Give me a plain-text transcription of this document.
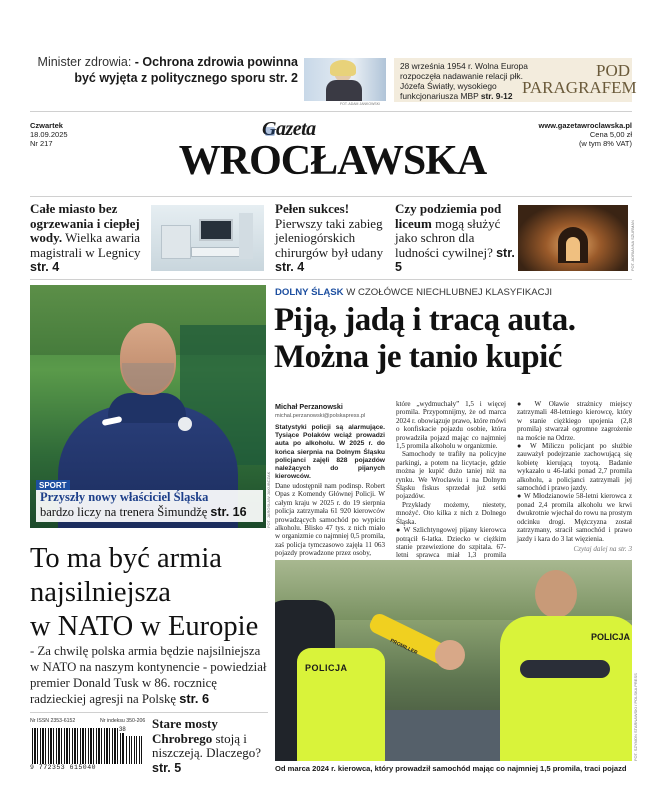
Minister zdrowia: - Ochrona zdrowia powinna
być wyjęta z politycznego sporu str. 2
FOT. ADAM JANKOWSKI
28 września 1954 r. Wolna Europa rozpoczęła nadawanie relacji płk. Józefa Światły, wysokiego funkcjonariusza MBP str. 9-12
POD
PARAGRAFEM
Czwartek
18.09.2025
Nr 217
Gazeta
WROCŁAWSKA
www.gazetawroclawska.pl
Cena 5,00 zł
(w tym 8% VAT)
Całe miasto bez ogrzewania i ciepłej wody. Wielka awaria magistrali w Legnicy str. 4
Pełen sukces!
Pierwszy taki zabieg jeleniogórskich chirurgów był udany str. 4
Czy podziemia pod liceum mogą służyć jako schron dla ludności cywilnej? str. 5	FOT. ADRIANNA SZURMAN
FOT. JAROSŁAW JAKUBCZAK
SPORT
Przyszły nowy właściciel Śląska
bardzo liczy na trenera Šimundžę str. 16
DOLNY ŚLĄSK W CZOŁÓWCE NIECHLUBNEJ KLASYFIKACJI
Piją, jadą i tracą auta.
Można je tanio kupić
Michał Perzanowski
michal.perzanowski@polskapress.pl
Statystyki policji są alarmujące. Tysiące Polaków wciąż prowadzi auta po alkoholu. W 2025 r. do końca sierpnia na Dolnym Śląsku policjanci zajęli 828 pojazdów należących do pijanych kierowców.
Dane udostępnił nam podinsp. Robert Opas z Komendy Głównej Policji. W całym kraju w 2025 r. do 19 sierpnia policja zatrzymała 61 920 kierowców prowadzących samochód po wypiciu alkoholu. Blisko 47 tys. z nich miało w organizmie co najmniej 0,5 promila, zaś policja tymczasowo zajęła 11 063 pojazdy prowadzone przez osoby,
które „wydmuchały” 1,5 i więcej promila. Przypomnijmy, że od marca 2024 r. obowiązuje prawo, które mówi o konfiskacie pojazdu osobie, która prowadziła pojazd mając co najmniej 1,5 promila alkoholu w organizmie.
Samochody te trafiły na policyjne parkingi, a potem na licytacje, gdzie można je kupić dużo taniej niż na rynku. We Wrocławiu i na Dolnym Śląsku fiskus sprzedał już setki pojazdów.
Przykłady możemy, niestety, mnożyć. Oto kilka z nich z Dolnego Śląska.
● W Szlichtyngowej pijany kierowca potrącił 6-latka. Dziecko w ciężkim stanie przewiezione do szpitala. 67-letni sprawca miał 1,3 promila
● W Oławie strażnicy miejscy zatrzymali 48-letniego kierowcę, który w stanie ciężkiego upojenia (2,8 promila) stwarzał ogromne zagrożenie na moście na Odrze.
● W Miliczu policjant po służbie zauważył podejrzanie zachowującą się kobietę kierującą toyotą. Badanie wykazało u 46-latki ponad 2,7 promila alkoholu, a policjanci zatrzymali jej samochód i prawo jazdy.
● W Młodzianowie 58-letni kierowca z ponad 2,4 promila alkoholu we krwi dwukrotnie wjechał do rowu na prostym odcinku drogi. Mężczyzna został zatrzymany, stracił samochód i prawo jazdy i kara do 3 lat więzienia.
Czytaj dalej na str. 3
POLICJA
PROMILLER
POLICJA
FOT. SZYMON STARNAWSKI / POLSKA PRESS
Od marca 2024 r. kierowca, który prowadził samochód mając co najmniej 1,5 promila, traci pojazd
To ma być armia
najsilniejsza
w NATO w Europie
- Za chwilę polska armia będzie najsilniejsza w NATO na naszym kontynencie - powiedział premier Donald Tusk w 86. rocznicę radzieckiej agresji na Polskę str. 6
Nr ISSN 2353-6152	Nr indeksu 350-206
9 772353 615040
38 Stare mosty Chrobrego stoją i niszczeją. Dlaczego? str. 5
